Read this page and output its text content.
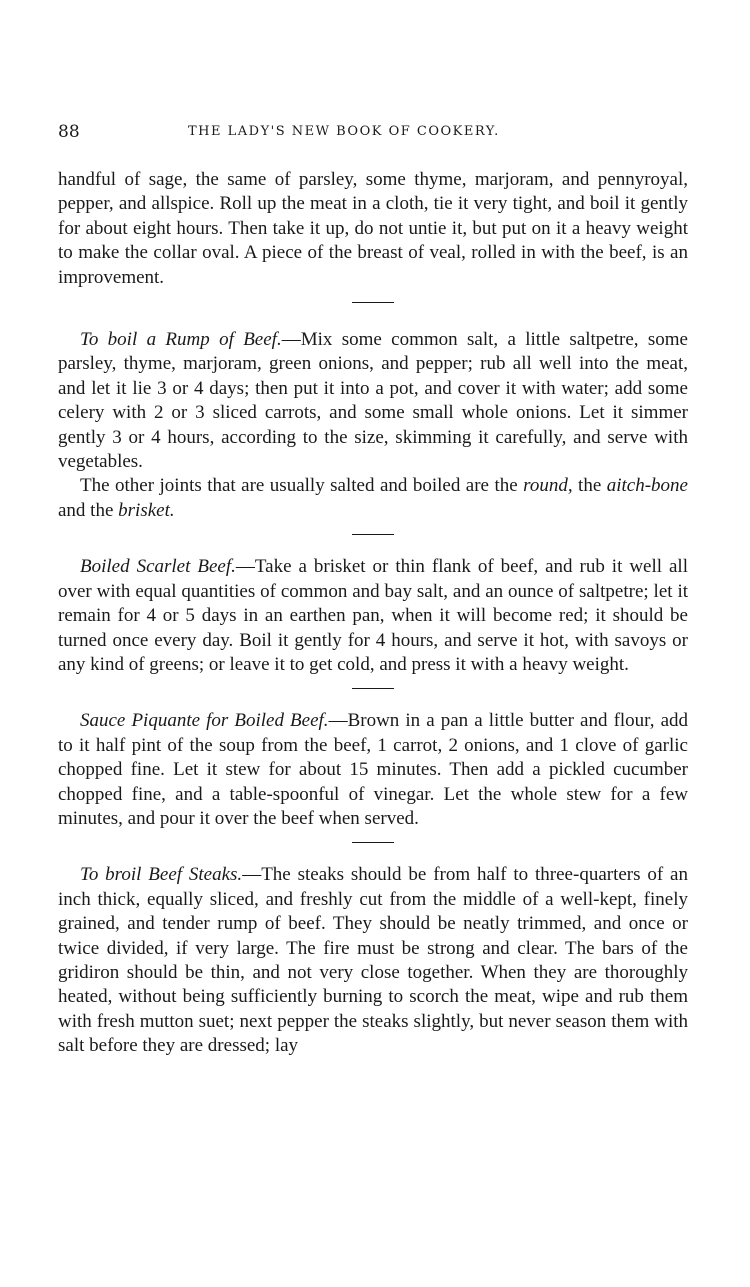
88	THE LADY'S NEW BOOK OF COOKERY.

handful of sage, the same of parsley, some thyme, marjoram, and pennyroyal, pepper, and allspice. Roll up the meat in a cloth, tie it very tight, and boil it gently for about eight hours. Then take it up, do not untie it, but put on it a heavy weight to make the collar oval. A piece of the breast of veal, rolled in with the beef, is an improvement.

To boil a Rump of Beef.—Mix some common salt, a little saltpetre, some parsley, thyme, marjoram, green onions, and pepper; rub all well into the meat, and let it lie 3 or 4 days; then put it into a pot, and cover it with water; add some celery with 2 or 3 sliced carrots, and some small whole onions. Let it simmer gently 3 or 4 hours, according to the size, skimming it carefully, and serve with vegetables.

The other joints that are usually salted and boiled are the round, the aitch-bone and the brisket.

Boiled Scarlet Beef.—Take a brisket or thin flank of beef, and rub it well all over with equal quantities of common and bay salt, and an ounce of saltpetre; let it remain for 4 or 5 days in an earthen pan, when it will become red; it should be turned once every day. Boil it gently for 4 hours, and serve it hot, with savoys or any kind of greens; or leave it to get cold, and press it with a heavy weight.

Sauce Piquante for Boiled Beef.—Brown in a pan a little butter and flour, add to it half pint of the soup from the beef, 1 carrot, 2 onions, and 1 clove of garlic chopped fine. Let it stew for about 15 minutes. Then add a pickled cucumber chopped fine, and a table-spoonful of vinegar. Let the whole stew for a few minutes, and pour it over the beef when served.

To broil Beef Steaks.—The steaks should be from half to three-quarters of an inch thick, equally sliced, and freshly cut from the middle of a well-kept, finely grained, and tender rump of beef. They should be neatly trimmed, and once or twice divided, if very large. The fire must be strong and clear. The bars of the gridiron should be thin, and not very close together. When they are thoroughly heated, without being sufficiently burning to scorch the meat, wipe and rub them with fresh mutton suet; next pepper the steaks slightly, but never season them with salt before they are dressed; lay
